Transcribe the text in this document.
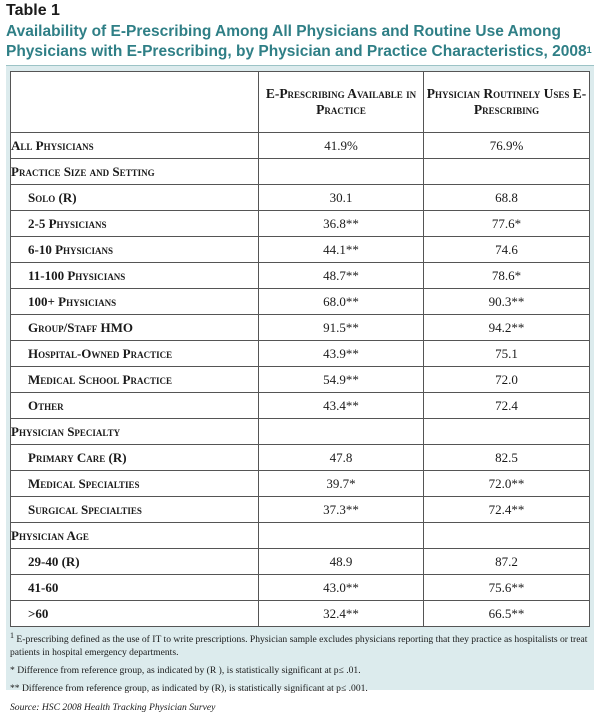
Table 1
Availability of E-Prescribing Among All Physicians and Routine Use Among Physicians with E-Prescribing, by Physician and Practice Characteristics, 2008$^1$
	E-Prescribing Available in Practice	Physician Routinely Uses E-Prescribing
All Physicians	41.9%	76.9%
Practice Size and Setting		
Solo (R)	30.1	68.8
2-5 Physicians	36.8**	77.6*
6-10 Physicians	44.1**	74.6
11-100 Physicians	48.7**	78.6*
100+ Physicians	68.0**	90.3**
Group/Staff HMO	91.5**	94.2**
Hospital-Owned Practice	43.9**	75.1
Medical School Practice	54.9**	72.0
Other	43.4**	72.4
Physician Specialty		
Primary Care (R)	47.8	82.5
Medical Specialties	39.7*	72.0**
Surgical Specialties	37.3**	72.4**
Physician Age		
29-40 (R)	48.9	87.2
41-60	43.0**	75.6**
>60	32.4**	66.5**

$^1$ E-prescribing defined as the use of IT to write prescriptions. Physician sample excludes physicians reporting that they practice as hospitalists or treat patients in hospital emergency departments.

* Difference from reference group, as indicated by (R ), is statistically significant at p≤ .01.

** Difference from reference group, as indicated by (R), is statistically significant at p≤ .001.

Source: HSC 2008 Health Tracking Physician Survey
